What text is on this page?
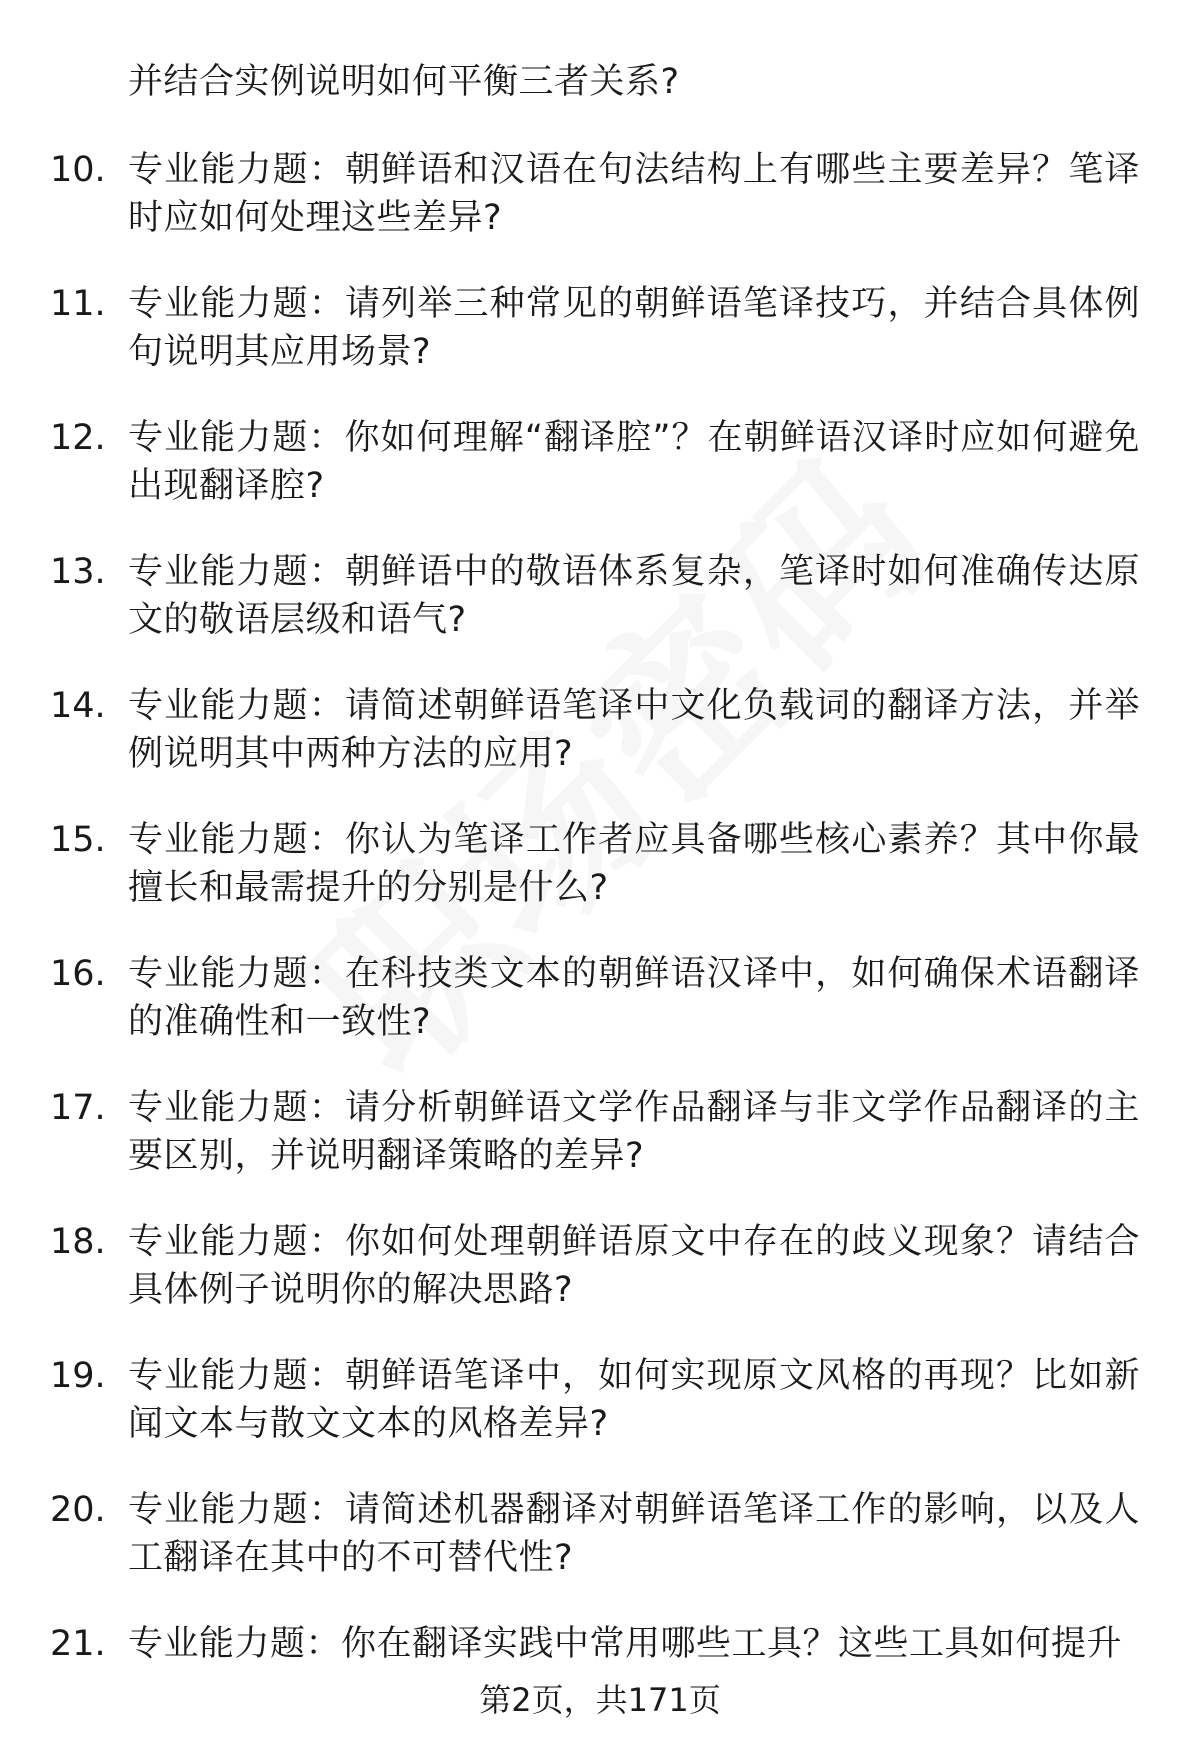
并结合实例说明如何平衡三者关系?
10. 专业能力题：朝鲜语和汉语在句法结构上有哪些主要差异？笔译时应如何处理这些差异?
11. 专业能力题：请列举三种常见的朝鲜语笔译技巧，并结合具体例句说明其应用场景?
12. 专业能力题：你如何理解“翻译腔”？在朝鲜语汉译时应如何避免出现翻译腔?
13. 专业能力题：朝鲜语中的敬语体系复杂，笔译时如何准确传达原文的敬语层级和语气?
14. 专业能力题：请简述朝鲜语笔译中文化负载词的翻译方法，并举例说明其中两种方法的应用?
15. 专业能力题：你认为笔译工作者应具备哪些核心素养？其中你最擅长和最需提升的分别是什么?
16. 专业能力题：在科技类文本的朝鲜语汉译中，如何确保术语翻译的准确性和一致性?
17. 专业能力题：请分析朝鲜语文学作品翻译与非文学作品翻译的主要区别，并说明翻译策略的差异?
18. 专业能力题：你如何处理朝鲜语原文中存在的歧义现象？请结合具体例子说明你的解决思路?
19. 专业能力题：朝鲜语笔译中，如何实现原文风格的再现？比如新闻文本与散文文本的风格差异?
20. 专业能力题：请简述机器翻译对朝鲜语笔译工作的影响，以及人工翻译在其中的不可替代性?
21. 专业能力题：你在翻译实践中常用哪些工具？这些工具如何提升
第2页，共171页
